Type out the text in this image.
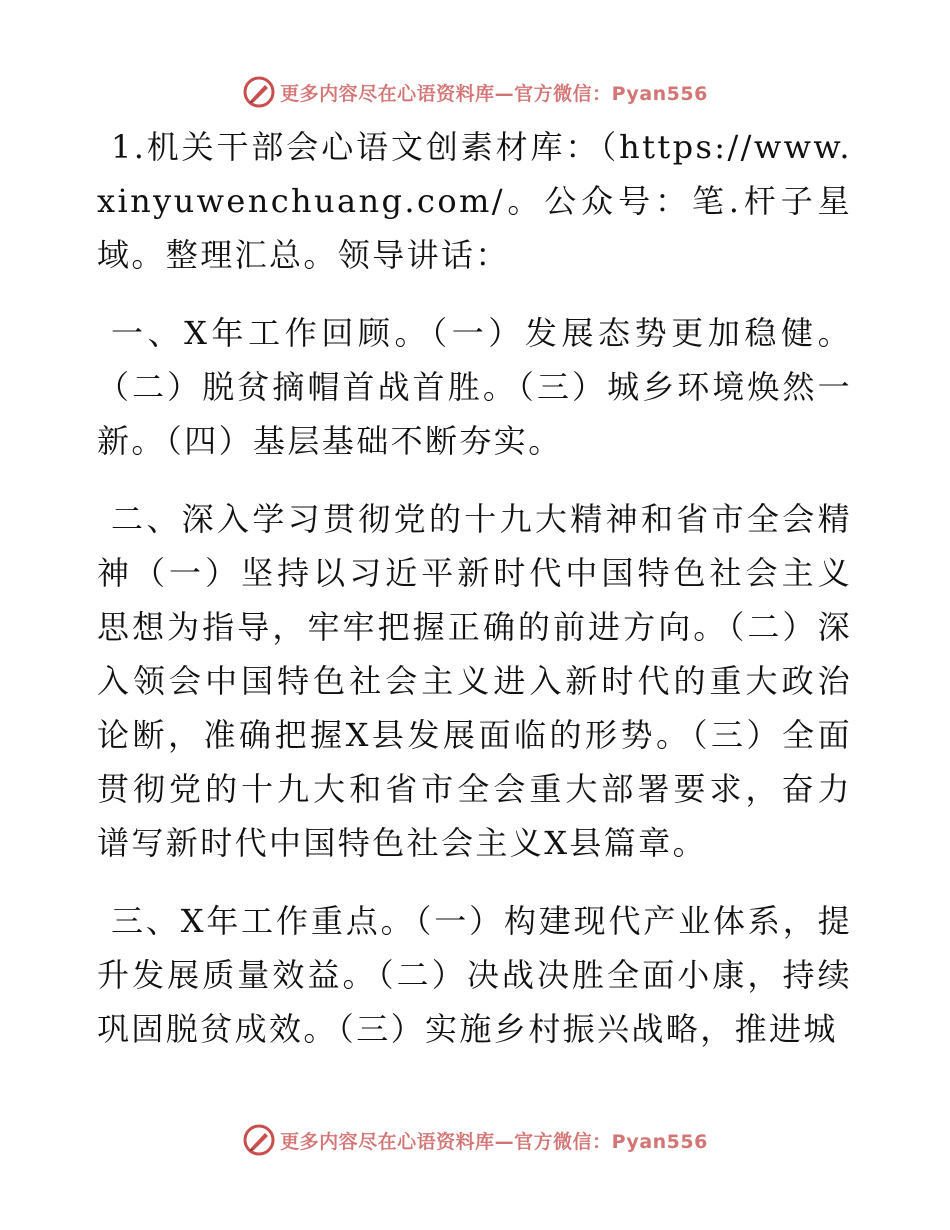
更多内容尽在心语资料库—官方微信：Pyan556

1.机关干部会心语文创素材库：（https://www.xinyuwenchuang.com/。公众号：笔.杆子星域。整理汇总。领导讲话：

一、X年工作回顾。（一）发展态势更加稳健。（二）脱贫摘帽首战首胜。（三）城乡环境焕然一新。（四）基层基础不断夯实。

二、深入学习贯彻党的十九大精神和省市全会精神（一）坚持以习近平新时代中国特色社会主义思想为指导，牢牢把握正确的前进方向。（二）深入领会中国特色社会主义进入新时代的重大政治论断，准确把握X县发展面临的形势。（三）全面贯彻党的十九大和省市全会重大部署要求，奋力谱写新时代中国特色社会主义X县篇章。

三、X年工作重点。（一）构建现代产业体系，提升发展质量效益。（二）决战决胜全面小康，持续巩固脱贫成效。（三）实施乡村振兴战略，推进城

更多内容尽在心语资料库—官方微信：Pyan556
